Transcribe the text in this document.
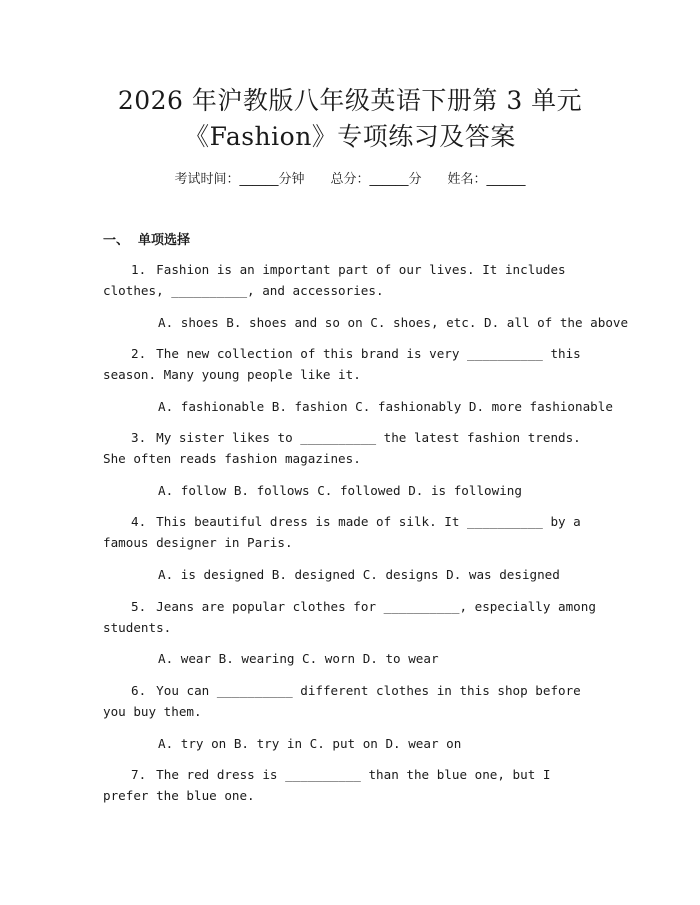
2026 年沪教版八年级英语下册第 3 单元
《Fashion》专项练习及答案
考试时间：______分钟 总分：______分 姓名：______
一、  单项选择
1. Fashion is an important part of our lives. It includes clothes, __________, and accessories.
A. shoes B. shoes and so on C. shoes, etc. D. all of the above
2. The new collection of this brand is very __________ this season. Many young people like it.
A. fashionable B. fashion C. fashionably D. more fashionable
3. My sister likes to __________ the latest fashion trends. She often reads fashion magazines.
A. follow B. follows C. followed D. is following
4. This beautiful dress is made of silk. It __________ by a famous designer in Paris.
A. is designed B. designed C. designs D. was designed
5. Jeans are popular clothes for __________, especially among students.
A. wear B. wearing C. worn D. to wear
6. You can __________ different clothes in this shop before you buy them.
A. try on B. try in C. put on D. wear on
7. The red dress is __________ than the blue one, but I prefer the blue one.
